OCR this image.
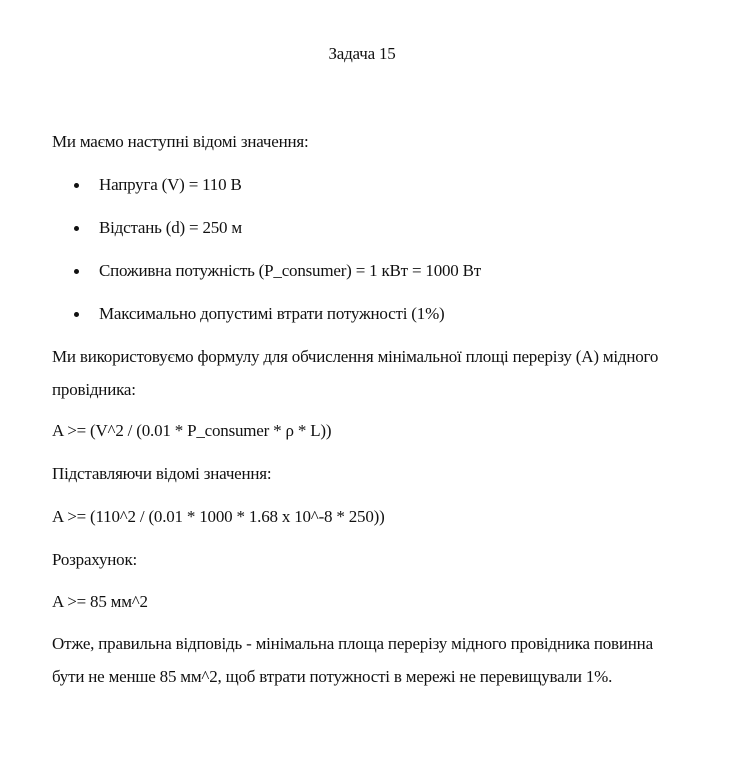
Задача 15
Ми маємо наступні відомі значення:
Напруга (V) = 110 В
Відстань (d) = 250 м
Споживна потужність (P_consumer) = 1 кВт = 1000 Вт
Максимально допустимі втрати потужності (1%)
Ми використовуємо формулу для обчислення мінімальної площі перерізу (A) мідного провідника:
A >= (V^2 / (0.01 * P_consumer * ρ * L))
Підставляючи відомі значення:
A >= (110^2 / (0.01 * 1000 * 1.68 x 10^-8 * 250))
Розрахунок:
A >= 85 мм^2
Отже, правильна відповідь - мінімальна площа перерізу мідного провідника повинна бути не менше 85 мм^2, щоб втрати потужності в мережі не перевищували 1%.
